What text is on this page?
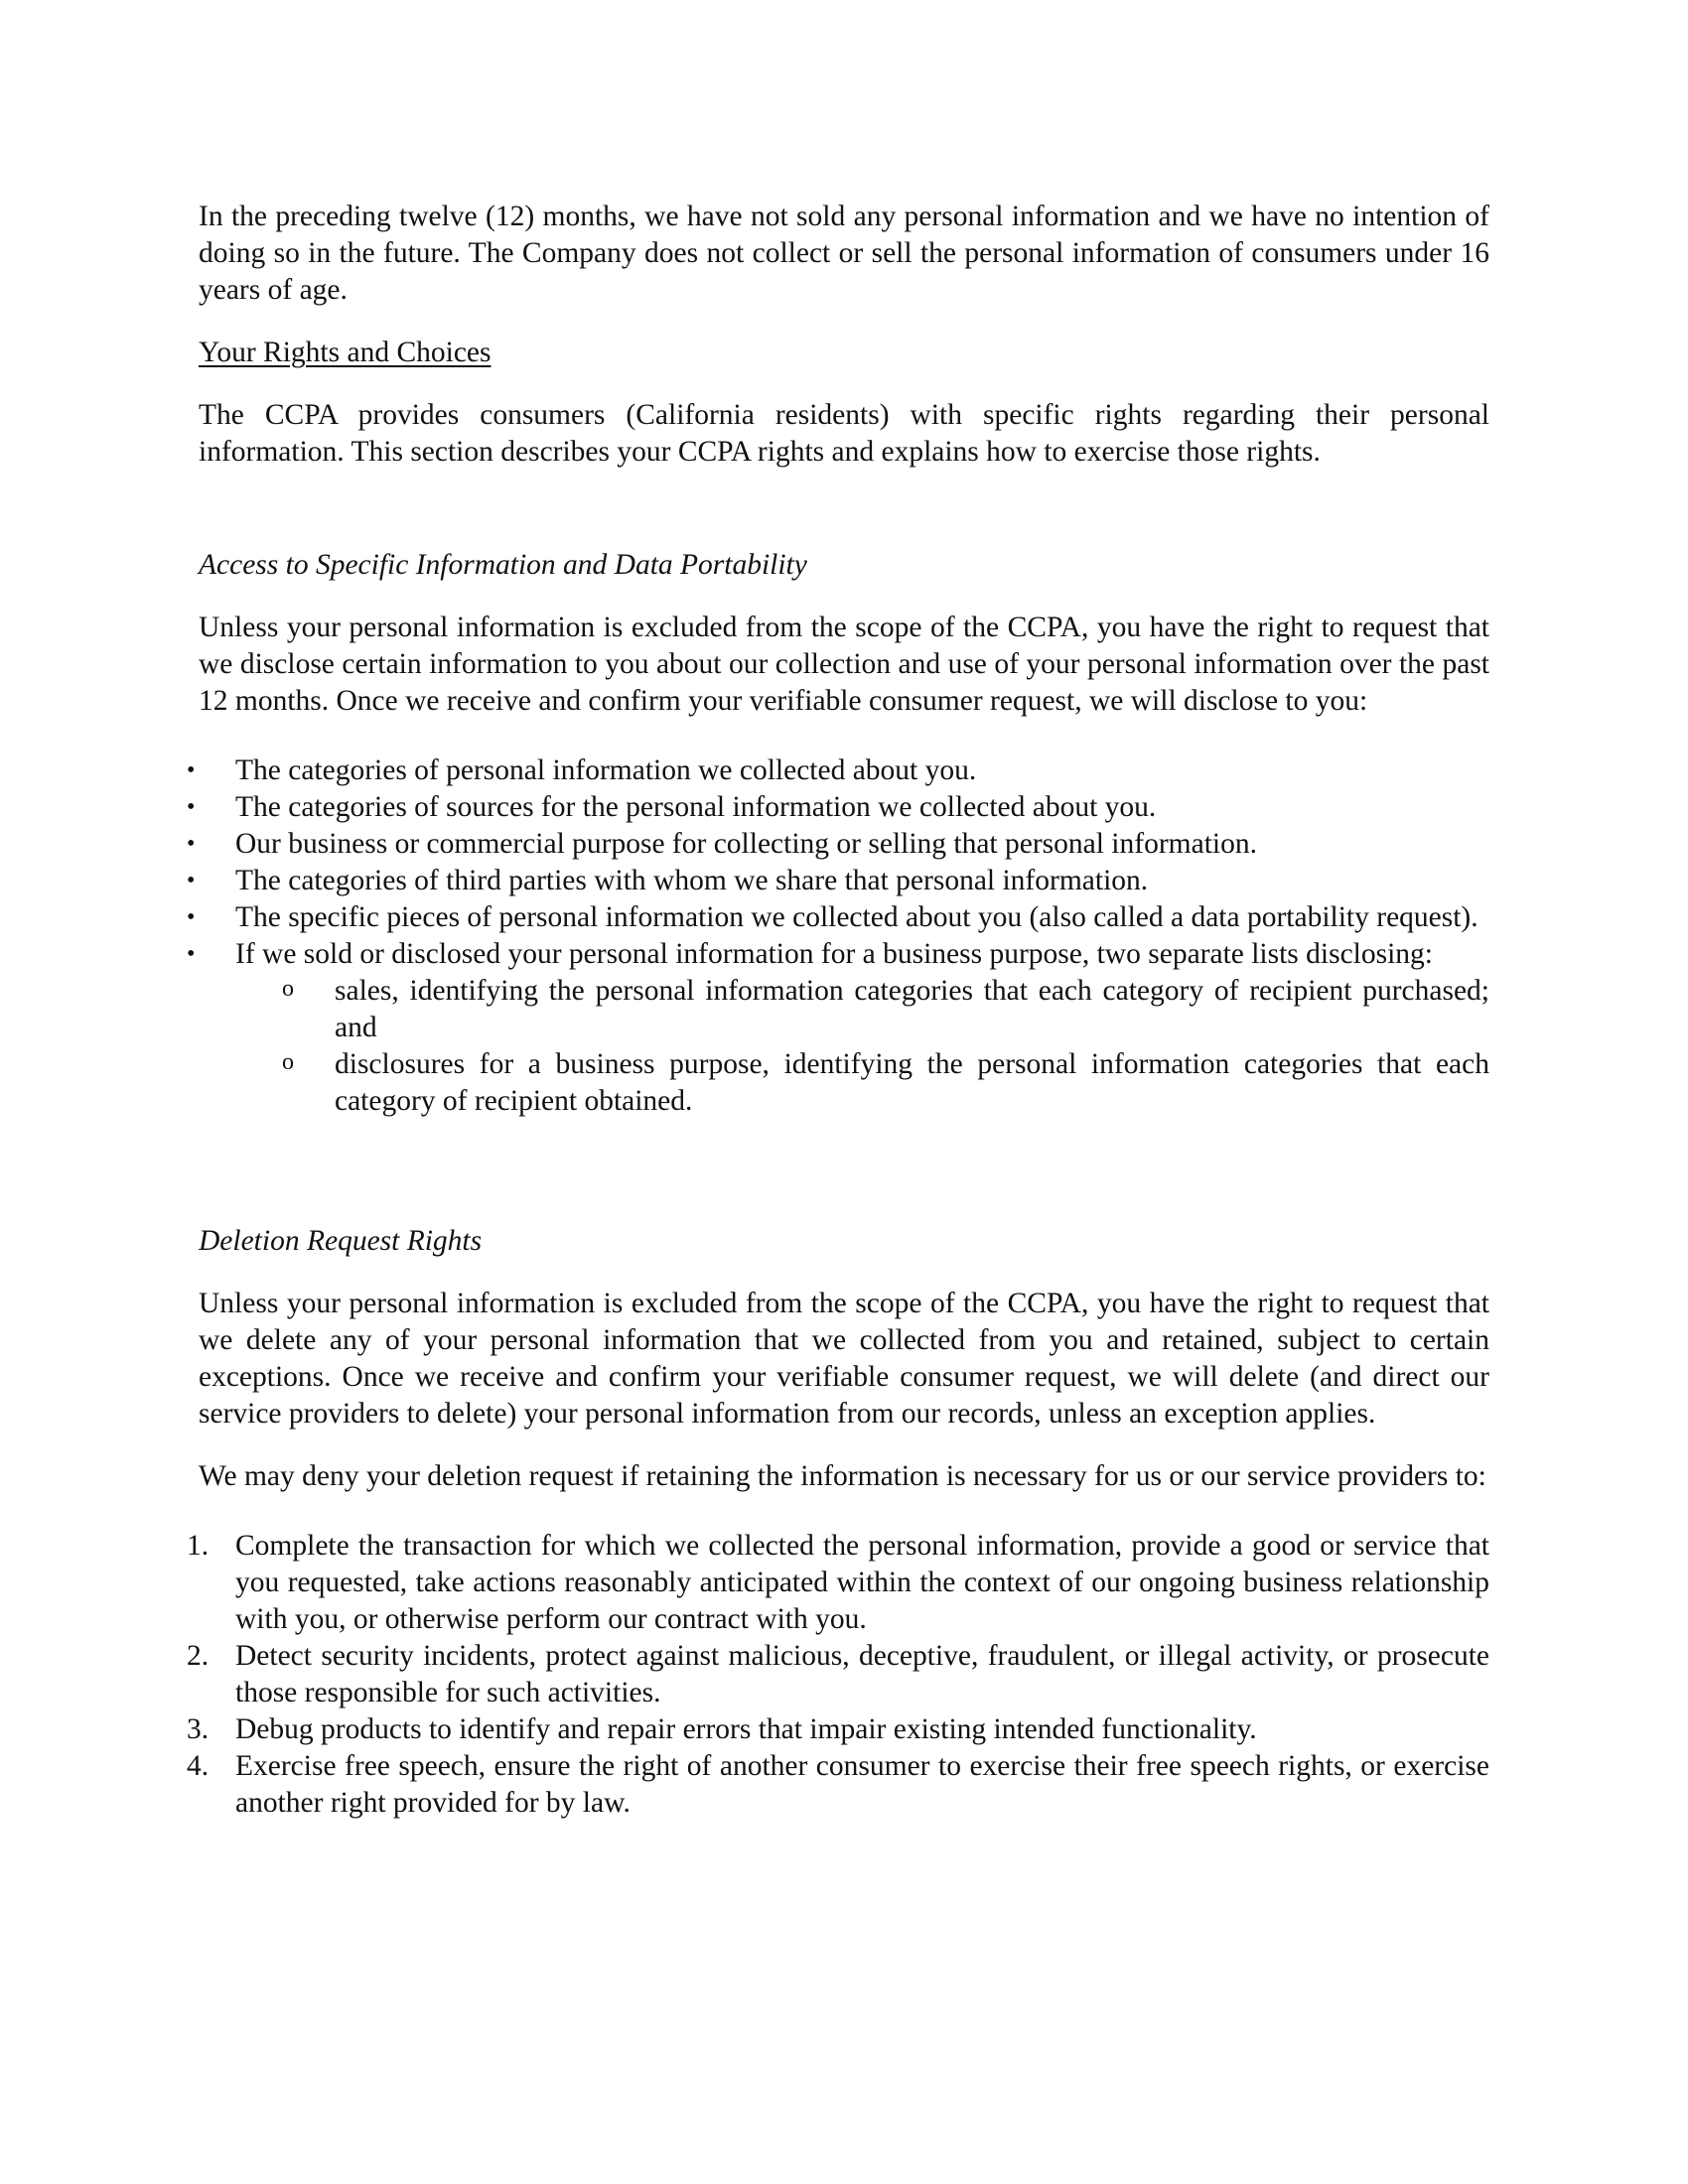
In the preceding twelve (12) months, we have not sold any personal information and we have no intention of doing so in the future. The Company does not collect or sell the personal information of consumers under 16 years of age.

Your Rights and Choices

The CCPA provides consumers (California residents) with specific rights regarding their personal information. This section describes your CCPA rights and explains how to exercise those rights.

Access to Specific Information and Data Portability

Unless your personal information is excluded from the scope of the CCPA, you have the right to request that we disclose certain information to you about our collection and use of your personal information over the past 12 months. Once we receive and confirm your verifiable consumer request, we will disclose to you:

• The categories of personal information we collected about you.
• The categories of sources for the personal information we collected about you.
• Our business or commercial purpose for collecting or selling that personal information.
• The categories of third parties with whom we share that personal information.
• The specific pieces of personal information we collected about you (also called a data portability request).
• If we sold or disclosed your personal information for a business purpose, two separate lists disclosing:
o sales, identifying the personal information categories that each category of recipient purchased; and
o disclosures for a business purpose, identifying the personal information categories that each category of recipient obtained.

Deletion Request Rights

Unless your personal information is excluded from the scope of the CCPA, you have the right to request that we delete any of your personal information that we collected from you and retained, subject to certain exceptions. Once we receive and confirm your verifiable consumer request, we will delete (and direct our service providers to delete) your personal information from our records, unless an exception applies.

We may deny your deletion request if retaining the information is necessary for us or our service providers to:

1. Complete the transaction for which we collected the personal information, provide a good or service that you requested, take actions reasonably anticipated within the context of our ongoing business relationship with you, or otherwise perform our contract with you.
2. Detect security incidents, protect against malicious, deceptive, fraudulent, or illegal activity, or prosecute those responsible for such activities.
3. Debug products to identify and repair errors that impair existing intended functionality.
4. Exercise free speech, ensure the right of another consumer to exercise their free speech rights, or exercise another right provided for by law.
